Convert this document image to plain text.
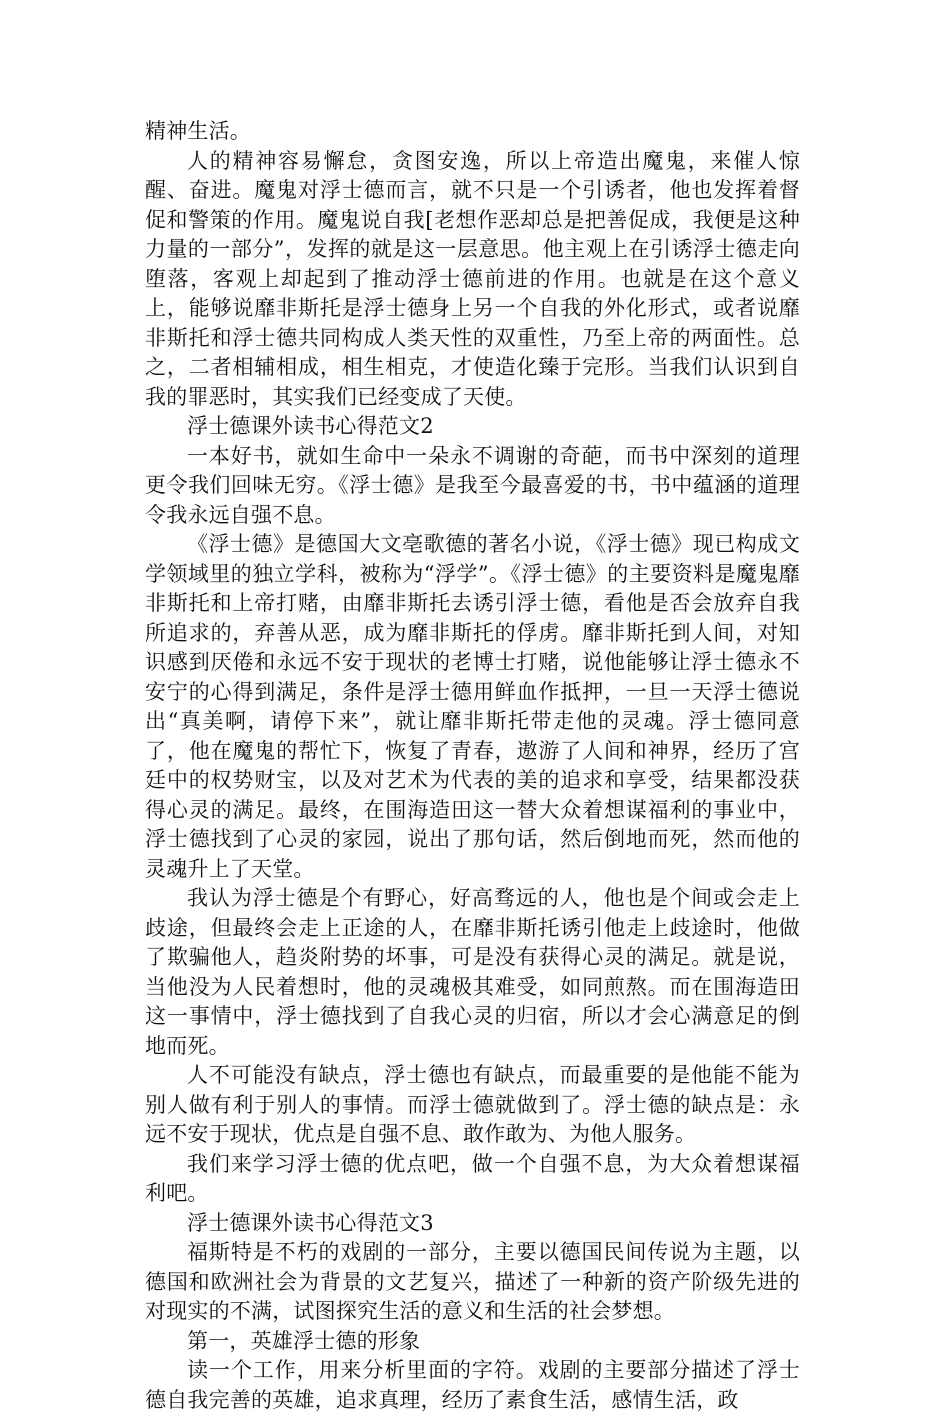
精神生活。

人的精神容易懈怠，贪图安逸，所以上帝造出魔鬼，来催人惊醒、奋进。魔鬼对浮士德而言，就不只是一个引诱者，他也发挥着督促和警策的作用。魔鬼说自我[老想作恶却总是把善促成，我便是这种力量的一部分”，发挥的就是这一层意思。他主观上在引诱浮士德走向堕落，客观上却起到了推动浮士德前进的作用。也就是在这个意义上，能够说靡非斯托是浮士德身上另一个自我的外化形式，或者说靡非斯托和浮士德共同构成人类天性的双重性，乃至上帝的两面性。总之，二者相辅相成，相生相克，才使造化臻于完形。当我们认识到自我的罪恶时，其实我们已经变成了天使。

浮士德课外读书心得范文2

一本好书，就如生命中一朵永不调谢的奇葩，而书中深刻的道理更令我们回味无穷。《浮士德》是我至今最喜爱的书，书中蕴涵的道理令我永远自强不息。

《浮士德》是德国大文亳歌德的著名小说，《浮士德》现已构成文学领域里的独立学科，被称为“浮学”。《浮士德》的主要资料是魔鬼靡非斯托和上帝打赌，由靡非斯托去诱引浮士德，看他是否会放弃自我所追求的，弃善从恶，成为靡非斯托的俘虏。靡非斯托到人间，对知识感到厌倦和永远不安于现状的老博士打赌，说他能够让浮士德永不安宁的心得到满足，条件是浮士德用鲜血作抵押，一旦一天浮士德说出“真美啊，请停下来”，就让靡非斯托带走他的灵魂。浮士德同意了，他在魔鬼的帮忙下，恢复了青春，遨游了人间和神界，经历了宫廷中的权势财宝，以及对艺术为代表的美的追求和享受，结果都没获得心灵的满足。最终，在围海造田这一替大众着想谋福利的事业中，浮士德找到了心灵的家园，说出了那句话，然后倒地而死，然而他的灵魂升上了天堂。

我认为浮士德是个有野心，好高骛远的人，他也是个间或会走上歧途，但最终会走上正途的人，在靡非斯托诱引他走上歧途时，他做了欺骗他人，趋炎附势的坏事，可是没有获得心灵的满足。就是说，当他没为人民着想时，他的灵魂极其难受，如同煎熬。而在围海造田这一事情中，浮士德找到了自我心灵的归宿，所以才会心满意足的倒地而死。

人不可能没有缺点，浮士德也有缺点，而最重要的是他能不能为别人做有利于别人的事情。而浮士德就做到了。浮士德的缺点是：永远不安于现状，优点是自强不息、敢作敢为、为他人服务。

我们来学习浮士德的优点吧，做一个自强不息，为大众着想谋福利吧。

浮士德课外读书心得范文3

福斯特是不朽的戏剧的一部分，主要以德国民间传说为主题，以德国和欧洲社会为背景的文艺复兴，描述了一种新的资产阶级先进的对现实的不满，试图探究生活的意义和生活的社会梦想。

第一，英雄浮士德的形象

读一个工作，用来分析里面的字符。戏剧的主要部分描述了浮士德自我完善的英雄，追求真理，经历了素食生活，感情生活，政
